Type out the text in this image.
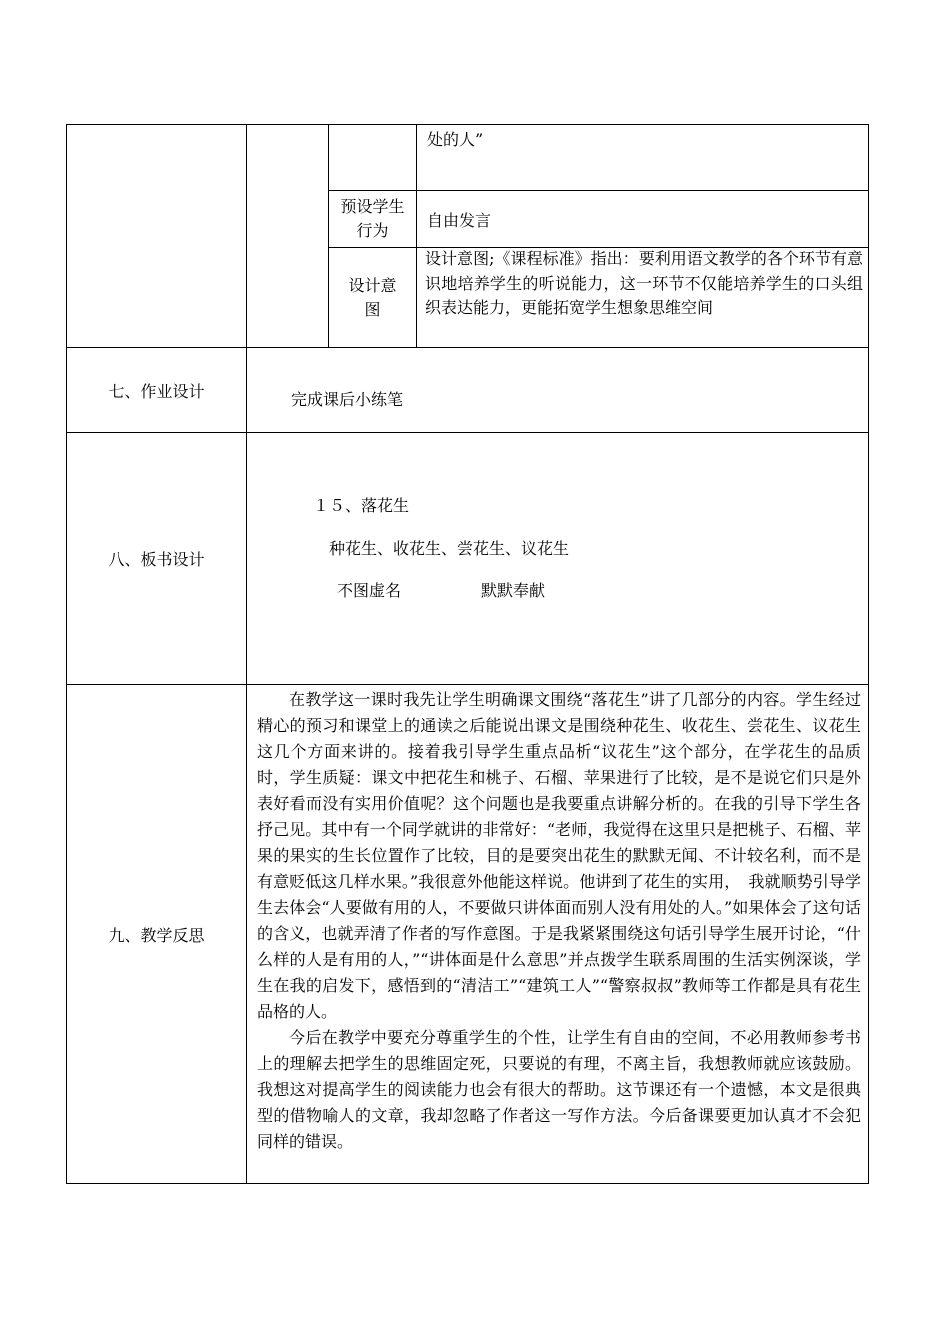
处的人”

预设学生行为
自由发言
设计意图

设计意图;《课程标准》指出：要利用语文教学的各个环节有意识地培养学生的听说能力，这一环节不仅能培养学生的口头组织表达能力，更能拓宽学生想象思维空间

七、作业设计	完成课后小练笔
八、板书设计
１５、落花生
种花生、收花生、尝花生、议花生
不图虚名	默默奉献
九、教学反思

在教学这一课时我先让学生明确课文围绕“落花生”讲了几部分的内容。学生经过精心的预习和课堂上的通读之后能说出课文是围绕种花生、收花生、尝花生、议花生这几个方面来讲的。接着我引导学生重点品析“议花生”这个部分，在学花生的品质时，学生质疑：课文中把花生和桃子、石榴、苹果进行了比较，是不是说它们只是外表好看而没有实用价值呢？这个问题也是我要重点讲解分析的。在我的引导下学生各抒己见。其中有一个同学就讲的非常好：“老师，我觉得在这里只是把桃子、石榴、苹果的果实的生长位置作了比较，目的是要突出花生的默默无闻、不计较名利，而不是有意贬低这几样水果。”我很意外他能这样说。他讲到了花生的实用，　我就顺势引导学生去体会“人要做有用的人，不要做只讲体面而别人没有用处的人。”如果体会了这句话的含义，也就弄清了作者的写作意图。于是我紧紧围绕这句话引导学生展开讨论，“什么样的人是有用的人，”“讲体面是什么意思”并点拨学生联系周围的生活实例深谈，学生在我的启发下，感悟到的“清洁工”“建筑工人”“警察叔叔”教师等工作都是具有花生品格的人。

今后在教学中要充分尊重学生的个性，让学生有自由的空间，不必用教师参考书上的理解去把学生的思维固定死，只要说的有理，不离主旨，我想教师就应该鼓励。我想这对提高学生的阅读能力也会有很大的帮助。这节课还有一个遗憾，本文是很典型的借物喻人的文章，我却忽略了作者这一写作方法。今后备课要更加认真才不会犯同样的错误。
